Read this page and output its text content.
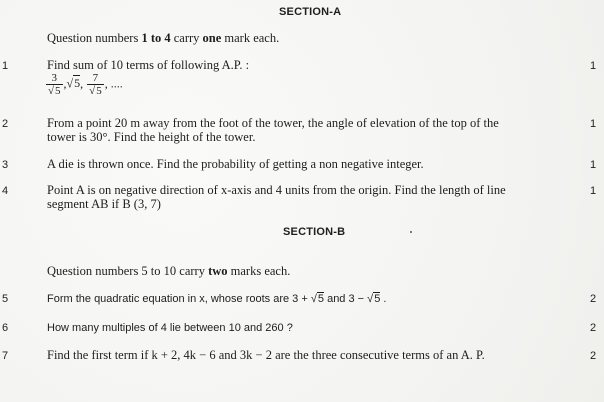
SECTION-A
Question numbers 1 to 4 carry one mark each.
1	Find sum of 10 terms of following A.P. :	1
$\frac{3}{√5} ,√5$, $\frac{7}{√5}$ , ....
2	From a point 20 m away from the foot of the tower, the angle of elevation of the top of the
tower is 30°. Find the height of the tower.
1
3	A die is thrown once. Find the probability of getting a non negative integer.	1
4	Point A is on negative direction of x-axis and 4 units from the origin. Find the length of line
segment AB if B (3, 7)
1
SECTION-B
Question numbers 5 to 10 carry two marks each.
5	Form the quadratic equation in x, whose roots are 3 + √5 and 3 − √5 .	2
6	How many multiples of 4 lie between 10 and 260 ?	2
7	Find the first term if k + 2, 4k − 6 and 3k − 2 are the three consecutive terms of an A. P.	2
